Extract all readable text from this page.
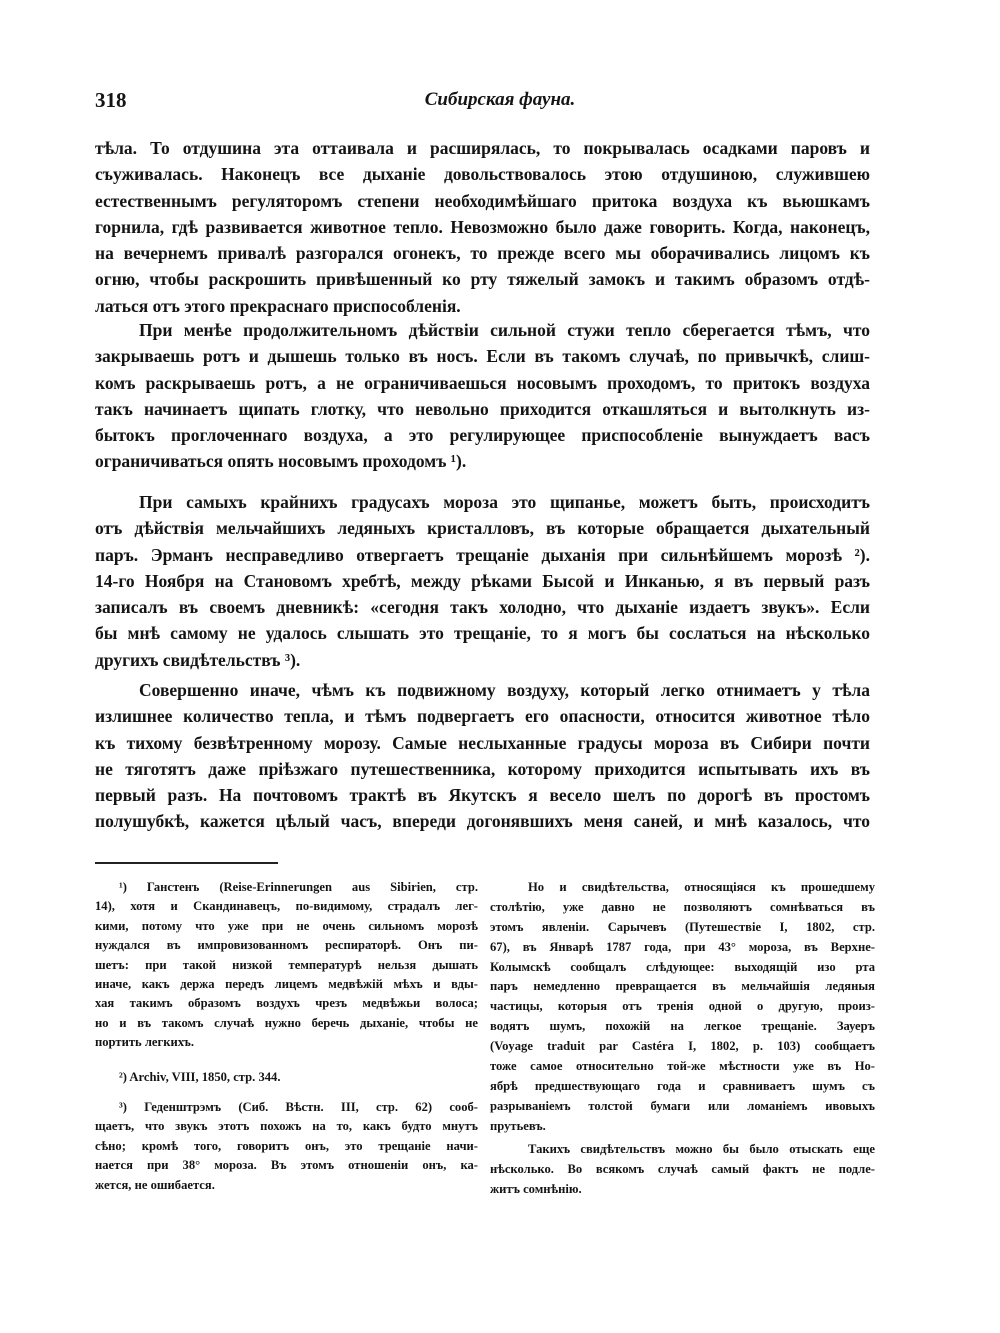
318	Сибирская фауна.
тѣла. То отдушина эта оттаивала и расширялась, то покрывалась осадками паровъ и
съуживалась. Наконецъ все дыханіе довольствовалось этою отдушиною, служившею
естественнымъ регуляторомъ степени необходимѣйшаго притока воздуха къ вьюшкамъ
горнила, гдѣ развивается животное тепло. Невозможно было даже говорить. Когда, наконецъ,
на вечернемъ привалѣ разгорался огонекъ, то прежде всего мы оборачивались лицомъ къ
огню, чтобы раскрошить привѣшенный ко рту тяжелый замокъ и такимъ образомъ отдѣ-
латься отъ этого прекраснаго приспособленія.
При менѣе продолжительномъ дѣйствіи сильной стужи тепло сберегается тѣмъ, что
закрываешь ротъ и дышешь только въ носъ. Если въ такомъ случаѣ, по привычкѣ, слиш-
комъ раскрываешь ротъ, а не ограничиваешься носовымъ проходомъ, то притокъ воздуха
такъ начинаетъ щипать глотку, что невольно приходится откашляться и вытолкнуть из-
бытокъ проглоченнаго воздуха, а это регулирующее приспособленіе вынуждаетъ васъ
ограничиваться опять носовымъ проходомъ ¹).
При самыхъ крайнихъ градусахъ мороза это щипанье, можетъ быть, происходитъ
отъ дѣйствія мельчайшихъ ледяныхъ кристалловъ, въ которые обращается дыхательный
паръ. Эрманъ несправедливо отвергаетъ трещаніе дыханія при сильнѣйшемъ морозѣ ²).
14-го Ноября на Становомъ хребтѣ, между рѣками Бысой и Инканью, я въ первый разъ
записалъ въ своемъ дневникѣ: «сегодня такъ холодно, что дыханіе издаетъ звукъ». Если
бы мнѣ самому не удалось слышать это трещаніе, то я могъ бы сослаться на нѣсколько
другихъ свидѣтельствъ ³).
Совершенно иначе, чѣмъ къ подвижному воздуху, который легко отнимаетъ у тѣла
излишнее количество тепла, и тѣмъ подвергаетъ его опасности, относится животное тѣло
къ тихому безвѣтренному морозу. Самые неслыханные градусы мороза въ Сибири почти
не тяготятъ даже пріѣзжаго путешественника, которому приходится испытывать ихъ въ
первый разъ. На почтовомъ трактѣ въ Якутскъ я весело шелъ по дорогѣ въ простомъ
полушубкѣ, кажется цѣлый часъ, впереди догонявшихъ меня саней, и мнѣ казалось, что
¹) Ганстенъ (Reise-Erinnerungen aus Sibirien, стр.
14), хотя и Скандинавецъ, по-видимому, страдалъ лег-
кими, потому что уже при не очень сильномъ морозѣ
нуждался въ импровизованномъ респираторѣ. Онъ пи-
шетъ: при такой низкой температурѣ нельзя дышать
иначе, какъ держа передъ лицемъ медвѣжій мѣхъ и вды-
хая такимъ образомъ воздухъ чрезъ медвѣжьи волоса;
но и въ такомъ случаѣ нужно беречь дыханіе, чтобы не
портить легкихъ.
²) Archiv, VIII, 1850, стр. 344.
³) Геденштрэмъ (Сиб. Вѣстн. III, стр. 62) сооб-
щаетъ, что звукъ этотъ похожъ на то, какъ будто мнутъ
сѣно; кромѣ того, говоритъ онъ, это трещаніе начи-
нается при 38° мороза. Въ этомъ отношеніи онъ, ка-
жется, не ошибается.
Но и свидѣтельства, относящіяся къ прошедшему
столѣтію, уже давно не позволяютъ сомнѣваться въ
этомъ явленіи. Сарычевъ (Путешествіе I, 1802, стр.
67), въ Январѣ 1787 года, при 43° мороза, въ Верхне-
Колымскѣ сообщалъ слѣдующее: выходящій изо рта
паръ немедленно превращается въ мельчайшія ледяныя
частицы, которыя отъ тренія одной о другую, произ-
водятъ шумъ, похожій на легкое трещаніе. Зауеръ
(Voyage traduit par Castéra I, 1802, p. 103) сообщаетъ
тоже самое относительно той-же мѣстности уже въ Но-
ябрѣ предшествующаго года и сравниваетъ шумъ съ
разрываніемъ толстой бумаги или ломаніемъ ивовыхъ
прутьевъ.
Такихъ свидѣтельствъ можно бы было отыскать еще
нѣсколько. Во всякомъ случаѣ самый фактъ не подле-
житъ сомнѣнію.
